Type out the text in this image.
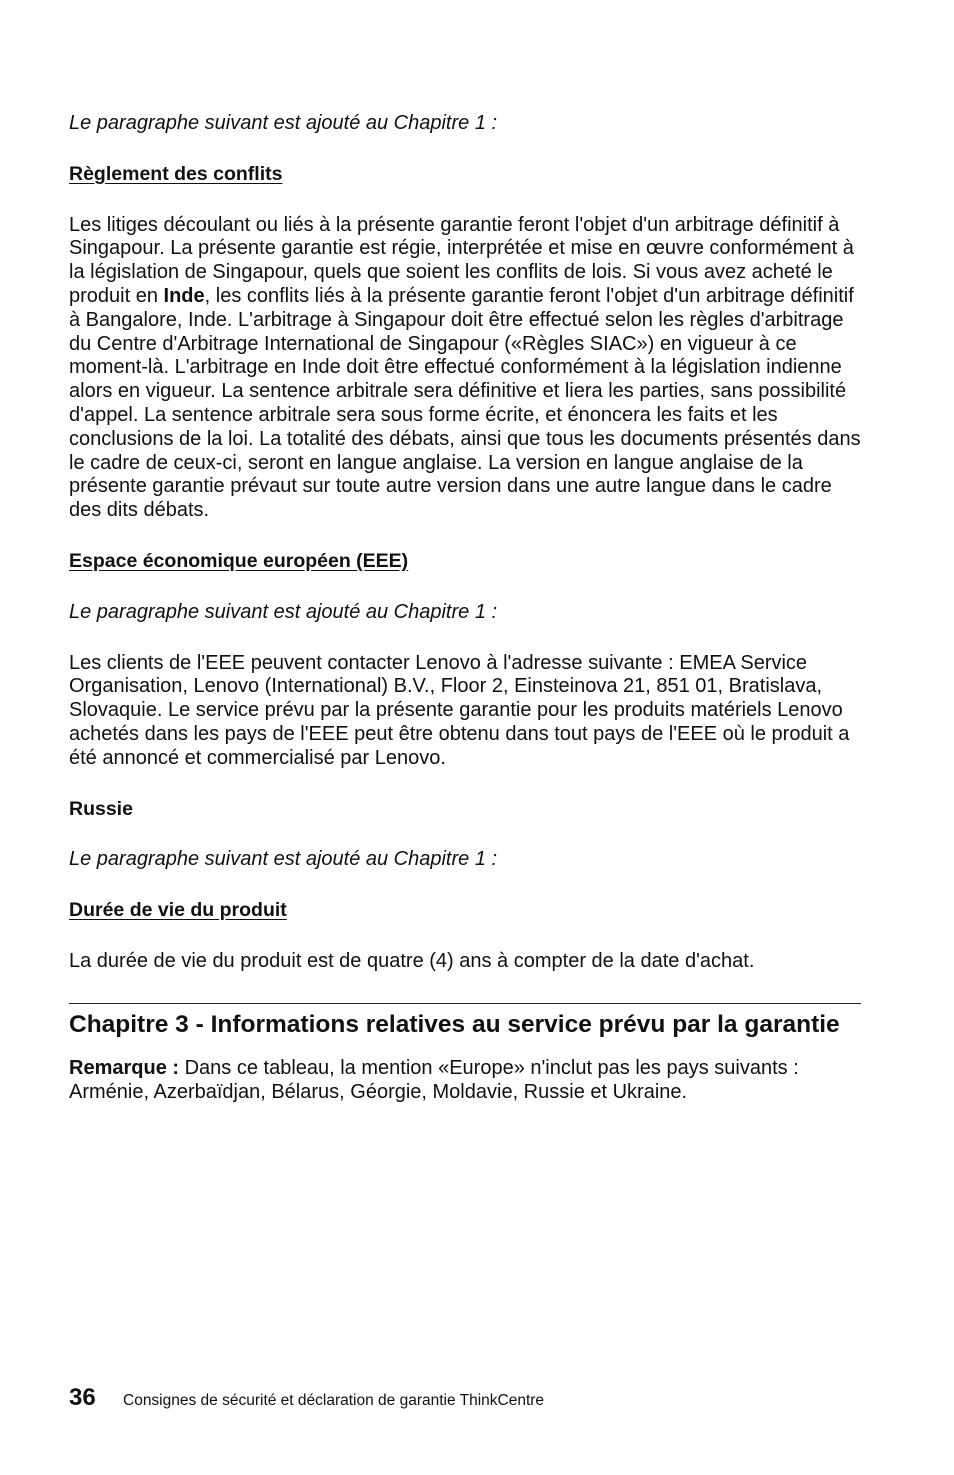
Le paragraphe suivant est ajouté au Chapitre 1 :

Règlement des conflits

Les litiges découlant ou liés à la présente garantie feront l'objet d'un arbitrage définitif à Singapour. La présente garantie est régie, interprétée et mise en œuvre conformément à la législation de Singapour, quels que soient les conflits de lois. Si vous avez acheté le produit en Inde, les conflits liés à la présente garantie feront l'objet d'un arbitrage définitif à Bangalore, Inde. L'arbitrage à Singapour doit être effectué selon les règles d'arbitrage du Centre d'Arbitrage International de Singapour («Règles SIAC») en vigueur à ce moment-là. L'arbitrage en Inde doit être effectué conformément à la législation indienne alors en vigueur. La sentence arbitrale sera définitive et liera les parties, sans possibilité d'appel. La sentence arbitrale sera sous forme écrite, et énoncera les faits et les conclusions de la loi. La totalité des débats, ainsi que tous les documents présentés dans le cadre de ceux-ci, seront en langue anglaise. La version en langue anglaise de la présente garantie prévaut sur toute autre version dans une autre langue dans le cadre des dits débats.

Espace économique européen (EEE)

Le paragraphe suivant est ajouté au Chapitre 1 :

Les clients de l'EEE peuvent contacter Lenovo à l'adresse suivante : EMEA Service Organisation, Lenovo (International) B.V., Floor 2, Einsteinova 21, 851 01, Bratislava, Slovaquie. Le service prévu par la présente garantie pour les produits matériels Lenovo achetés dans les pays de l'EEE peut être obtenu dans tout pays de l'EEE où le produit a été annoncé et commercialisé par Lenovo.

Russie

Le paragraphe suivant est ajouté au Chapitre 1 :

Durée de vie du produit

La durée de vie du produit est de quatre (4) ans à compter de la date d'achat.

Chapitre 3 - Informations relatives au service prévu par la garantie

Remarque : Dans ce tableau, la mention «Europe» n'inclut pas les pays suivants : Arménie, Azerbaïdjan, Bélarus, Géorgie, Moldavie, Russie et Ukraine.

36	Consignes de sécurité et déclaration de garantie ThinkCentre
